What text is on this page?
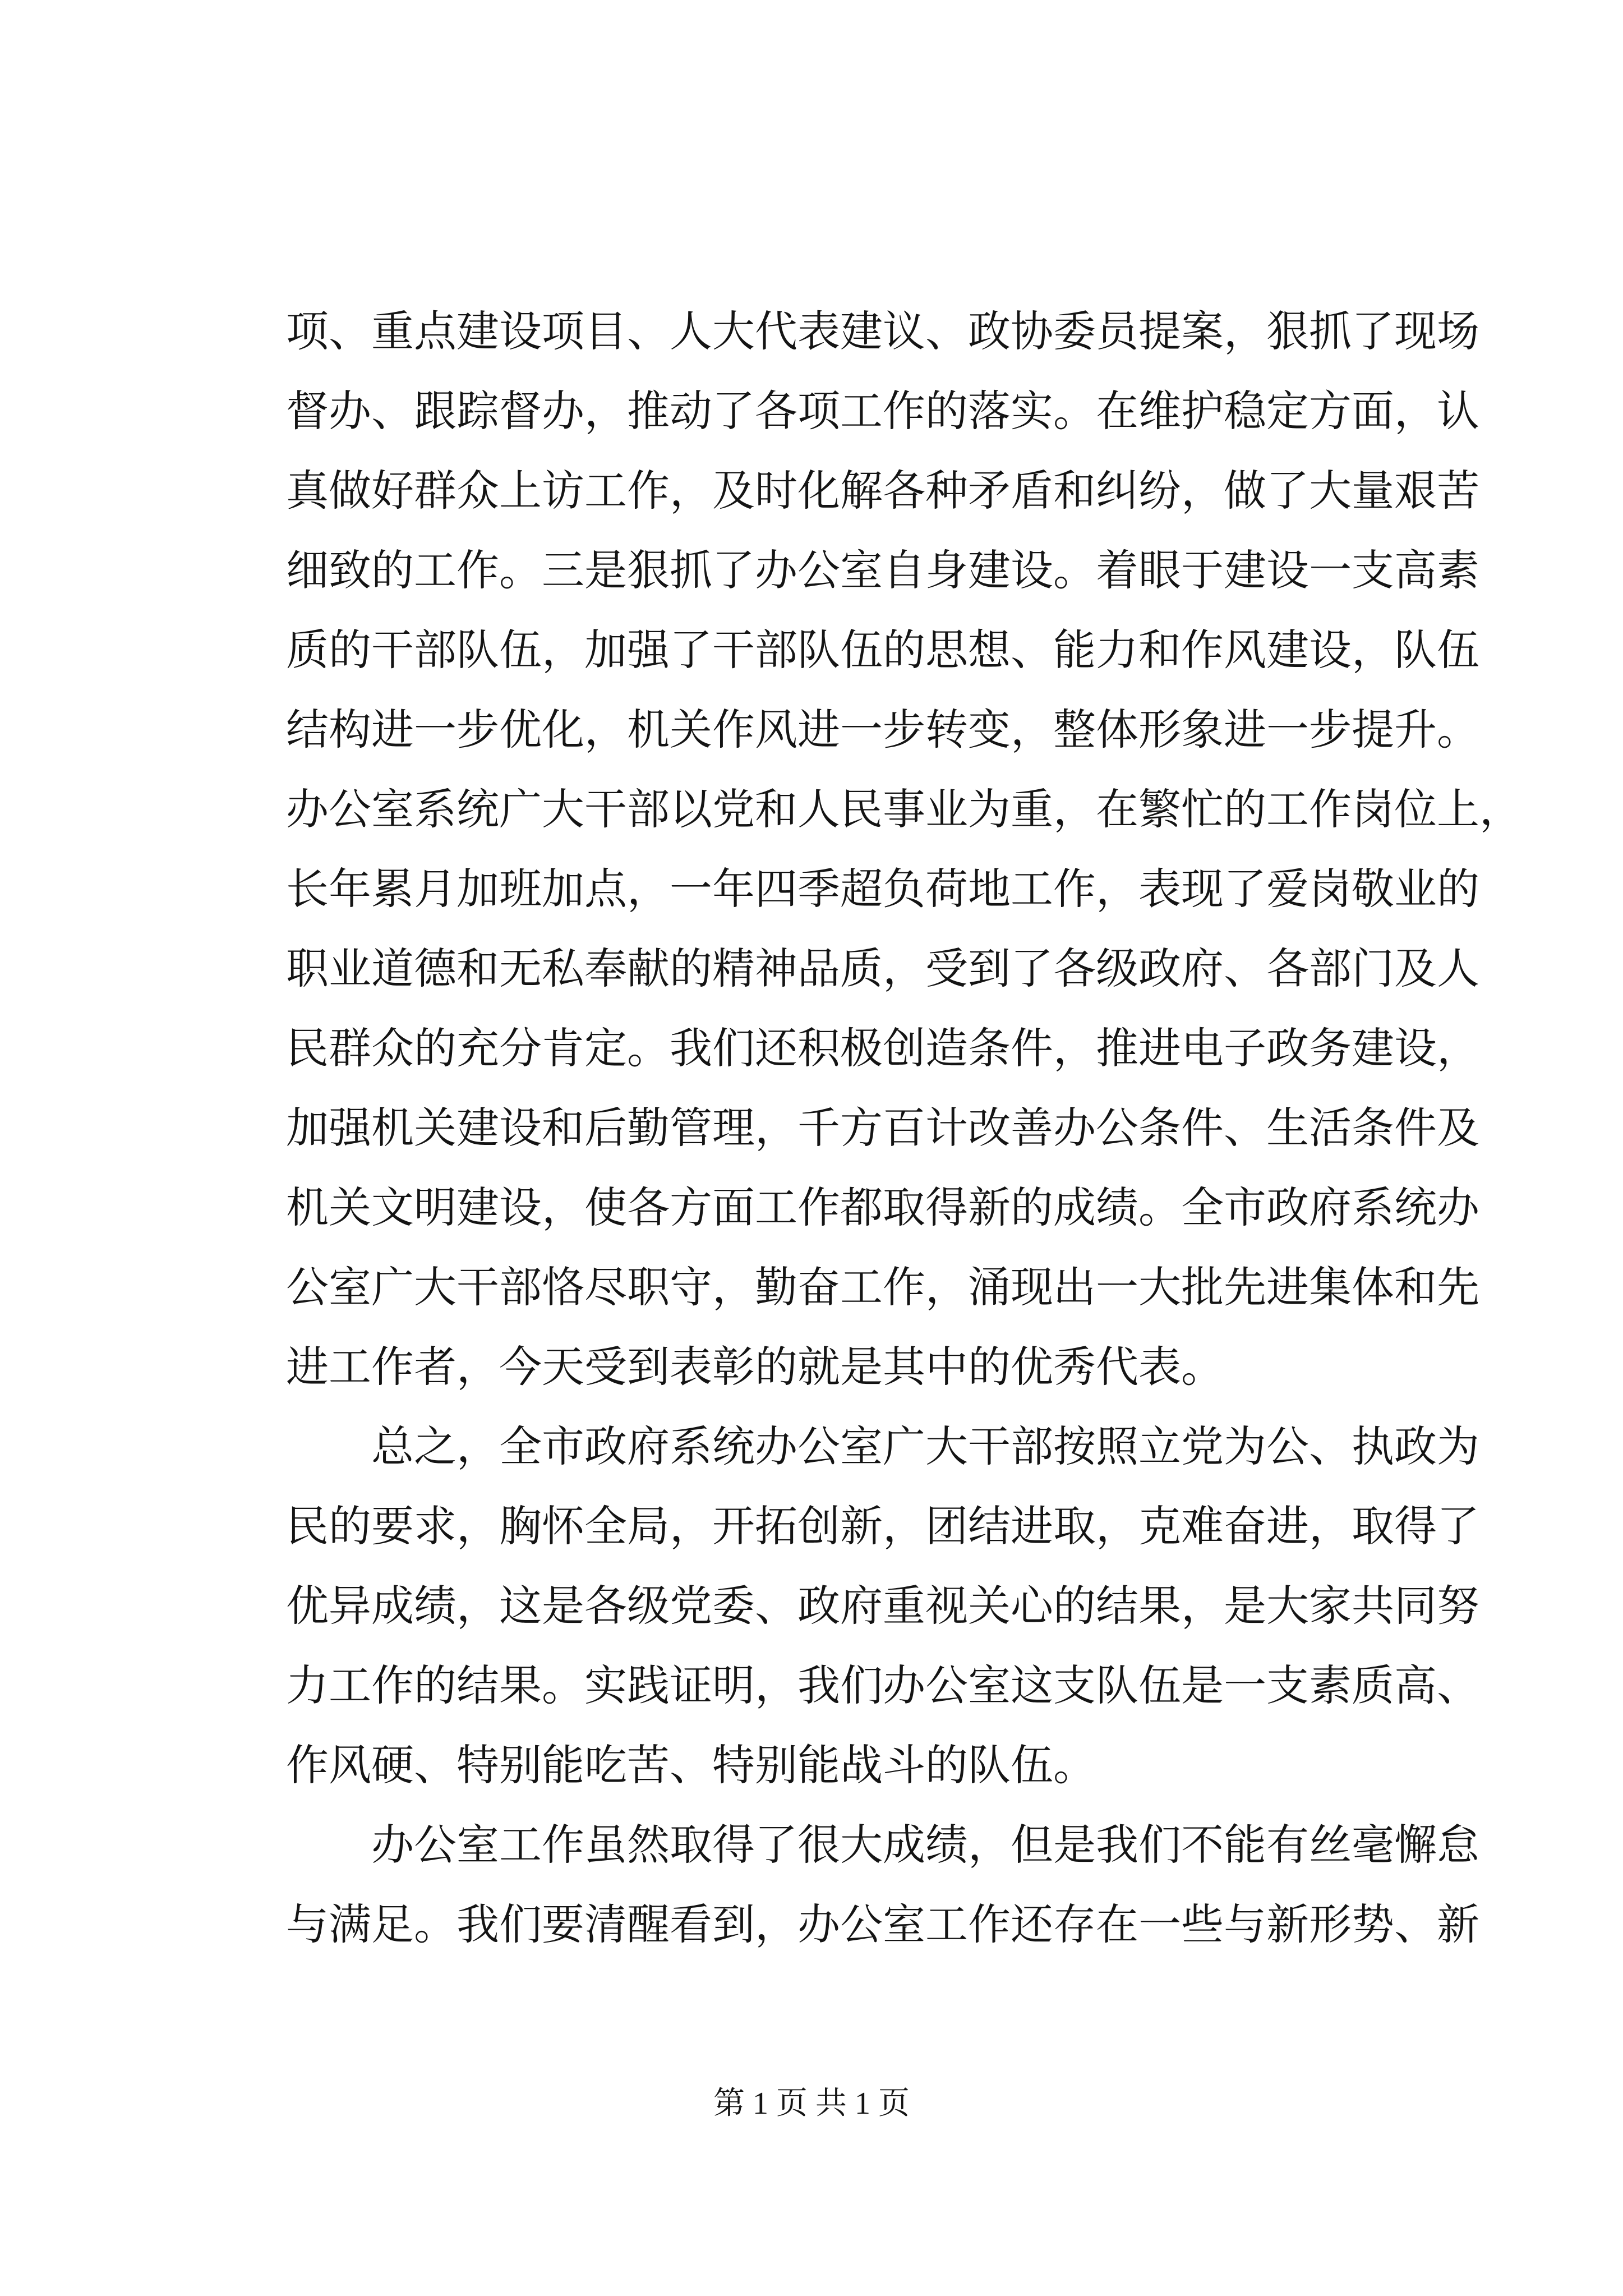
项、重点建设项目、人大代表建议、政协委员提案，狠抓了现场
督办、跟踪督办，推动了各项工作的落实。在维护稳定方面，认
真做好群众上访工作，及时化解各种矛盾和纠纷，做了大量艰苦
细致的工作。三是狠抓了办公室自身建设。着眼于建设一支高素
质的干部队伍，加强了干部队伍的思想、能力和作风建设，队伍
结构进一步优化，机关作风进一步转变，整体形象进一步提升。
办公室系统广大干部以党和人民事业为重，在繁忙的工作岗位上，
长年累月加班加点，一年四季超负荷地工作，表现了爱岗敬业的
职业道德和无私奉献的精神品质，受到了各级政府、各部门及人
民群众的充分肯定。我们还积极创造条件，推进电子政务建设，
加强机关建设和后勤管理，千方百计改善办公条件、生活条件及
机关文明建设，使各方面工作都取得新的成绩。全市政府系统办
公室广大干部恪尽职守，勤奋工作，涌现出一大批先进集体和先
进工作者，今天受到表彰的就是其中的优秀代表。
总之，全市政府系统办公室广大干部按照立党为公、执政为
民的要求，胸怀全局，开拓创新，团结进取，克难奋进，取得了
优异成绩，这是各级党委、政府重视关心的结果，是大家共同努
力工作的结果。实践证明，我们办公室这支队伍是一支素质高、
作风硬、特别能吃苦、特别能战斗的队伍。
办公室工作虽然取得了很大成绩，但是我们不能有丝毫懈怠
与满足。我们要清醒看到，办公室工作还存在一些与新形势、新
第 1 页 共 1 页
